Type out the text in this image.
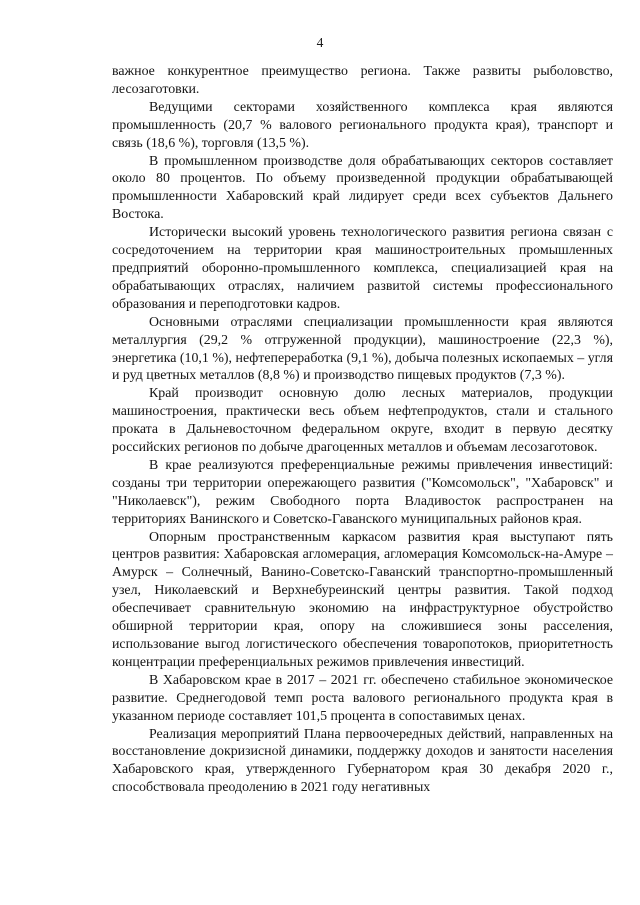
4

важное конкурентное преимущество региона. Также развиты рыболовство, лесозаготовки.

Ведущими секторами хозяйственного комплекса края являются промышленность (20,7 % валового регионального продукта края), транспорт и связь (18,6 %), торговля (13,5 %).

В промышленном производстве доля обрабатывающих секторов составляет около 80 процентов. По объему произведенной продукции обрабатывающей промышленности Хабаровский край лидирует среди всех субъектов Дальнего Востока.

Исторически высокий уровень технологического развития региона связан с сосредоточением на территории края машиностроительных промышленных предприятий оборонно-промышленного комплекса, специализацией края на обрабатывающих отраслях, наличием развитой системы профессионального образования и переподготовки кадров.

Основными отраслями специализации промышленности края являются металлургия (29,2 % отгруженной продукции), машиностроение (22,3 %), энергетика (10,1 %), нефтепереработка (9,1 %), добыча полезных ископаемых – угля и руд цветных металлов (8,8 %) и производство пищевых продуктов (7,3 %).

Край производит основную долю лесных материалов, продукции машиностроения, практически весь объем нефтепродуктов, стали и стального проката в Дальневосточном федеральном округе, входит в первую десятку российских регионов по добыче драгоценных металлов и объемам лесозаготовок.

В крае реализуются преференциальные режимы привлечения инвестиций: созданы три территории опережающего развития ("Комсомольск", "Хабаровск" и "Николаевск"), режим Свободного порта Владивосток распространен на территориях Ванинского и Советско-Гаванского муниципальных районов края.

Опорным пространственным каркасом развития края выступают пять центров развития: Хабаровская агломерация, агломерация Комсомольск-на-Амуре – Амурск – Солнечный, Ванино-Советско-Гаванский транспортно-промышленный узел, Николаевский и Верхнебуреинский центры развития. Такой подход обеспечивает сравнительную экономию на инфраструктурное обустройство обширной территории края, опору на сложившиеся зоны расселения, использование выгод логистического обеспечения товаропотоков, приоритетность концентрации преференциальных режимов привлечения инвестиций.

В Хабаровском крае в 2017 – 2021 гг. обеспечено стабильное экономическое развитие. Среднегодовой темп роста валового регионального продукта края в указанном периоде составляет 101,5 процента в сопоставимых ценах.

Реализация мероприятий Плана первоочередных действий, направленных на восстановление докризисной динамики, поддержку доходов и занятости населения Хабаровского края, утвержденного Губернатором края 30 декабря 2020 г., способствовала преодолению в 2021 году негативных
